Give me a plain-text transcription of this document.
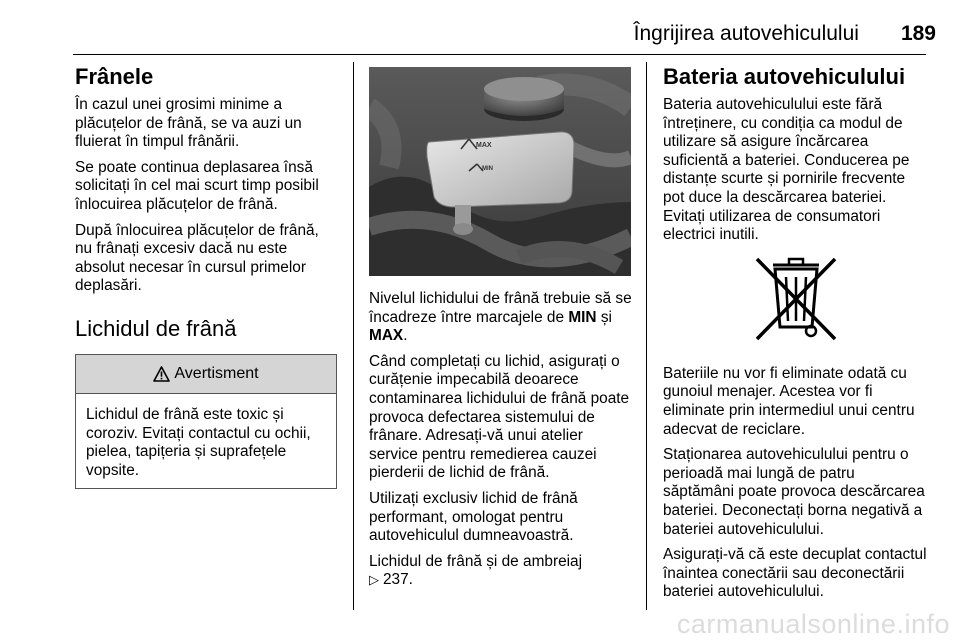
Îngrijirea autovehiculului 189
Frânele

În cazul unei grosimi minime a plăcuțelor de frână, se va auzi un fluierat în timpul frânării.

Se poate continua deplasarea însă solicitați în cel mai scurt timp posibil înlocuirea plăcuțelor de frână.

După înlocuirea plăcuțelor de frână, nu frânați excesiv dacă nu este absolut necesar în cursul primelor deplasări.

Lichidul de frână
Avertisment
Lichidul de frână este toxic și coroziv. Evitați contactul cu ochii, pielea, tapițeria și suprafețele vopsite.
MAX
MIN

Nivelul lichidului de frână trebuie să se încadreze între marcajele de MIN și MAX.

Când completați cu lichid, asigurați o curățenie impecabilă deoarece contaminarea lichidului de frână poate provoca defectarea sistemului de frânare. Adresați-vă unui atelier service pentru remedierea cauzei pierderii de lichid de frână.

Utilizați exclusiv lichid de frână performant, omologat pentru autovehiculul dumneavoastră.

Lichidul de frână și de ambreiaj
▷ 237.

Bateria autovehiculului

Bateria autovehiculului este fără întreținere, cu condiția ca modul de utilizare să asigure încărcarea suficientă a bateriei. Conducerea pe distanțe scurte și pornirile frecvente pot duce la descărcarea bateriei. Evitați utilizarea de consumatori electrici inutili.

Bateriile nu vor fi eliminate odată cu gunoiul menajer. Acestea vor fi eliminate prin intermediul unui centru adecvat de reciclare.

Staționarea autovehiculului pentru o perioadă mai lungă de patru săptămâni poate provoca descărcarea bateriei. Deconectați borna negativă a bateriei autovehiculului.

Asigurați-vă că este decuplat contactul înaintea conectării sau deconectării bateriei autovehiculului.

carmanualsonline.info
